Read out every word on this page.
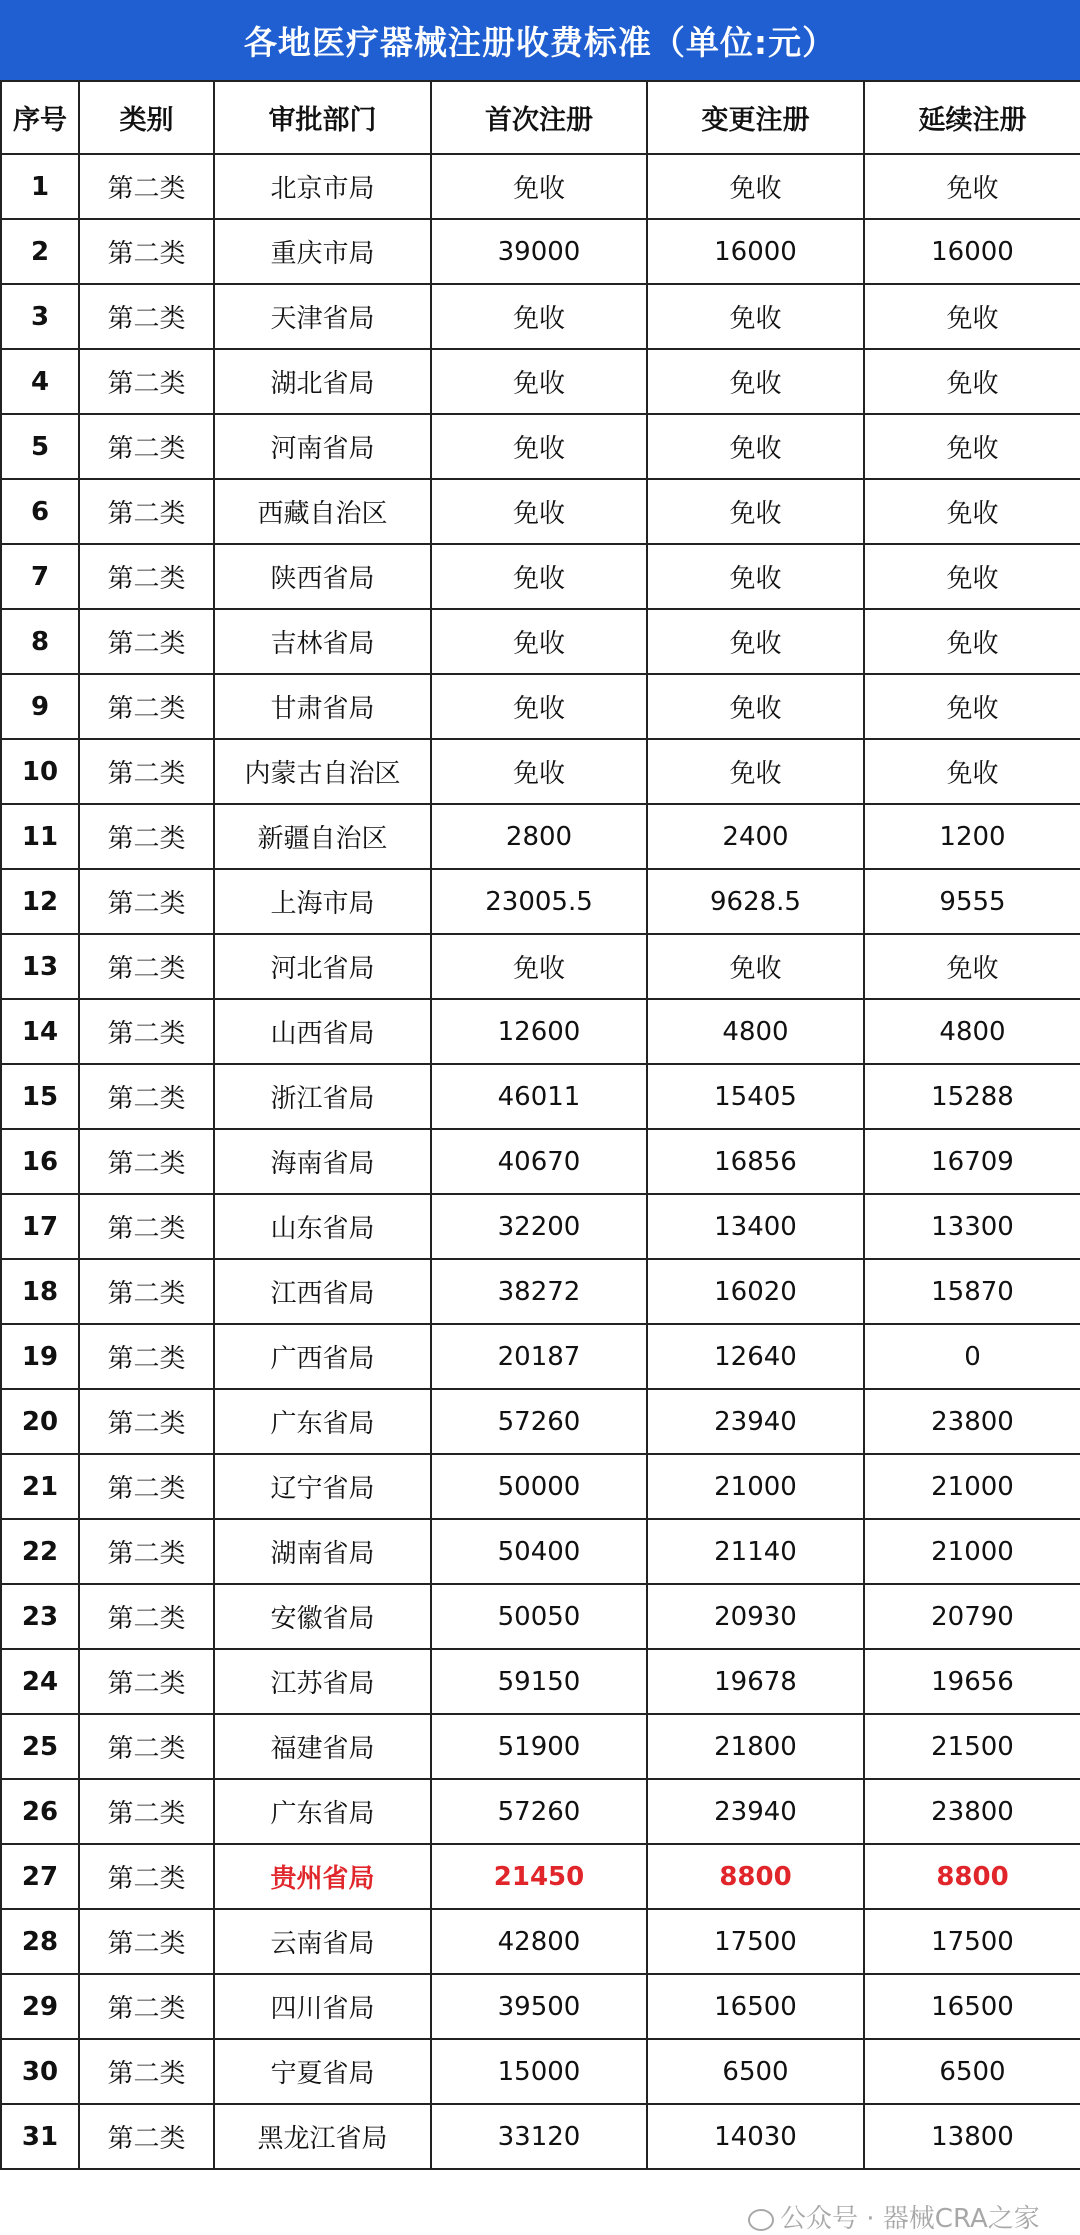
各地医疗器械注册收费标准（单位:元）
序号	类别	审批部门	首次注册	变更注册	延续注册
1	第二类	北京市局	免收	免收	免收
2	第二类	重庆市局	39000	16000	16000
3	第二类	天津省局	免收	免收	免收
4	第二类	湖北省局	免收	免收	免收
5	第二类	河南省局	免收	免收	免收
6	第二类	西藏自治区	免收	免收	免收
7	第二类	陕西省局	免收	免收	免收
8	第二类	吉林省局	免收	免收	免收
9	第二类	甘肃省局	免收	免收	免收
10	第二类	内蒙古自治区	免收	免收	免收
11	第二类	新疆自治区	2800	2400	1200
12	第二类	上海市局	23005.5	9628.5	9555
13	第二类	河北省局	免收	免收	免收
14	第二类	山西省局	12600	4800	4800
15	第二类	浙江省局	46011	15405	15288
16	第二类	海南省局	40670	16856	16709
17	第二类	山东省局	32200	13400	13300
18	第二类	江西省局	38272	16020	15870
19	第二类	广西省局	20187	12640	0
20	第二类	广东省局	57260	23940	23800
21	第二类	辽宁省局	50000	21000	21000
22	第二类	湖南省局	50400	21140	21000
23	第二类	安徽省局	50050	20930	20790
24	第二类	江苏省局	59150	19678	19656
25	第二类	福建省局	51900	21800	21500
26	第二类	广东省局	57260	23940	23800
27	第二类	贵州省局	21450	8800	8800
28	第二类	云南省局	42800	17500	17500
29	第二类	四川省局	39500	16500	16500
30	第二类	宁夏省局	15000	6500	6500
31	第二类	黑龙江省局	33120	14030	13800
公众号 · 器械CRA之家
